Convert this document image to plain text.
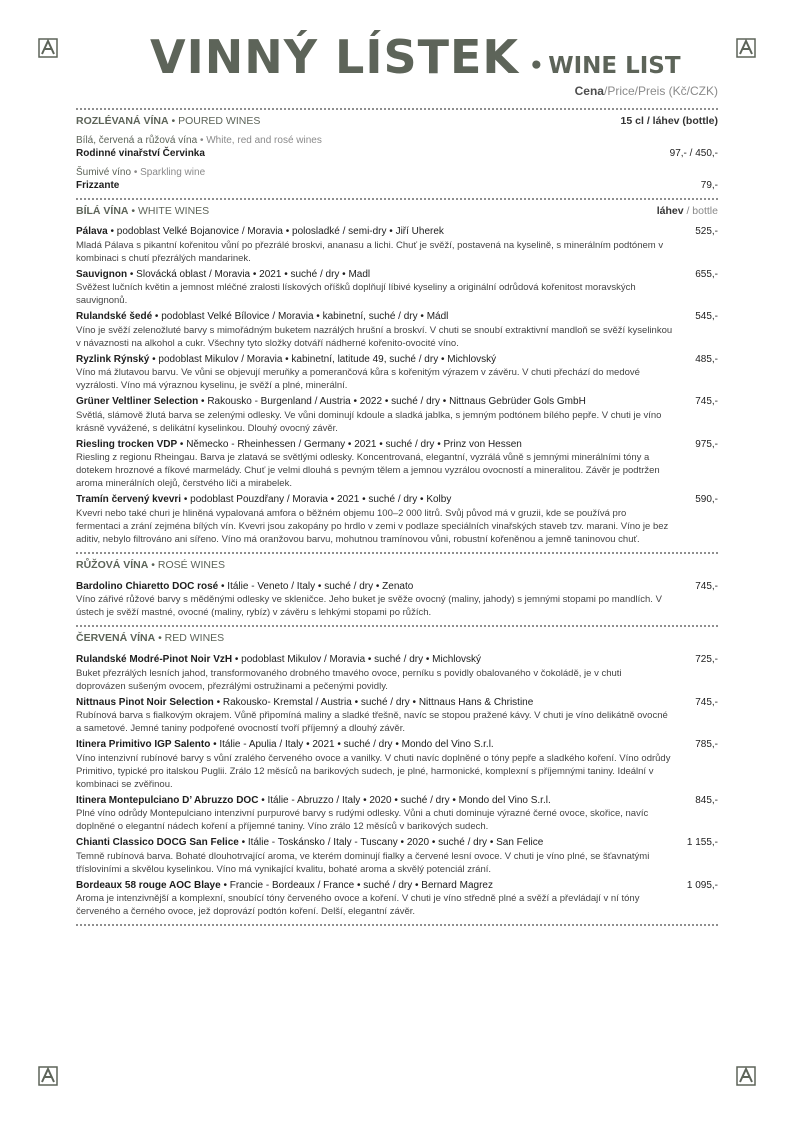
VINNÝ LÍSTEK • WINE LIST
Cena/Price/Preis (Kč/CZK)
ROZLÉVANÁ VÍNA • POURED WINES	15 cl / láhev (bottle)
Bílá, červená a růžová vína • White, red and rosé wines
Rodinné vinařství Červinka	97,- / 450,-
Šumivé víno • Sparkling wine
Frizzante	79,-
BÍLÁ VÍNA • WHITE WINES	láhev / bottle
Pálava • podoblast Velké Bojanovice / Moravia • polosladké / semi-dry • Jiří Uherek	525,-
Mladá Pálava s pikantní kořenitou vůní po přezrálé broskvi, ananasu a lichi. Chuť je svěží, postavená na kyselině, s minerálním podtónem v kombinaci s chutí přezrálých mandarinek.
Sauvignon • Slovácká oblast / Moravia • 2021 • suché / dry • Madl	655,-
Svěžest lučních květin a jemnost mléčné zralosti lískových oříšků doplňují líbivé kyseliny a originální odrůdová kořenitost moravských sauvignonů.
Rulandské šedé • podoblast Velké Bílovice / Moravia • kabinetní, suché / dry • Mádl	545,-
Víno je svěží zelenožluté barvy s mimořádným buketem nazrálých hrušní a broskví. V chuti se snoubí extraktivní mandloň se svěží kyselinkou v návaznosti na alkohol a cukr. Všechny tyto složky dotváří nádherné kořenito-ovocité víno.
Ryzlink Rýnský • podoblast Mikulov / Moravia • kabinetní, latitude 49, suché / dry • Michlovský	485,-
Víno má žlutavou barvu. Ve vůni se objevují meruňky a pomerančová kůra s kořenitým výrazem v závěru. V chuti přechází do medové vyzrálosti. Víno má výraznou kyselinu, je svěží a plné, minerální.
Grüner Veltliner Selection • Rakousko - Burgenland / Austria • 2022 • suché / dry • Nittnaus Gebrüder Gols GmbH	745,-
Světlá, slámově žlutá barva se zelenými odlesky. Ve vůni dominují kdoule a sladká jablka, s jemným podtónem bílého pepře. V chuti je víno krásně vyvážené, s delikátní kyselinkou. Dlouhý ovocný závěr.
Riesling trocken VDP • Německo - Rheinhessen / Germany • 2021 • suché / dry • Prinz von Hessen	975,-
Riesling z regionu Rheingau. Barva je zlatavá se světlými odlesky. Koncentrovaná, elegantní, vyzrálá vůně s jemnými minerálními tóny a dotekem hroznové a fíkové marmelády. Chuť je velmi dlouhá s pevným tělem a jemnou vyzrálou ovocností a mineralitou. Závěr je podtržen aroma minerálních olejů, čerstvého liči a mirabelek.
Tramín červený kvevri • podoblast Pouzdřany / Moravia • 2021 • suché / dry • Kolby	590,-
Kvevri nebo také churi je hliněná vypalovaná amfora o běžném objemu 100–2 000 litrů. Svůj původ má v gruzii, kde se používá pro fermentaci a zrání zejména bílých vín. Kvevri jsou zakopány po hrdlo v zemi v podlaze speciálních vinařských staveb tzv. marani. Víno je bez aditiv, nebylo filtrováno ani sířeno. Víno má oranžovou barvu, mohutnou tramínovou vůni, robustní kořeněnou a jemně taninovou chuť.
RŮŽOVÁ VÍNA • ROSÉ WINES
Bardolino Chiaretto DOC rosé • Itálie - Veneto / Italy • suché / dry • Zenato	745,-
Víno zářivé růžové barvy s měděnými odlesky ve skleničce. Jeho buket je svěže ovocný (maliny, jahody) s jemnými stopami po mandlích. V ústech je svěží mastné, ovocné (maliny, rybíz) v závěru s lehkými stopami po růžích.
ČERVENÁ VÍNA • RED WINES
Rulandské Modré-Pinot Noir VzH • podoblast Mikulov / Moravia • suché / dry • Michlovský	725,-
Buket přezrálých lesních jahod, transformovaného drobného tmavého ovoce, perníku s povidly obalovaného v čokoládě, je v chuti doprovázen sušeným ovocem, přezrálými ostružinami a pečenými povidly.
Nittnaus Pinot Noir Selection • Rakousko- Kremstal / Austria • suché / dry • Nittnaus Hans & Christine	745,-
Rubínová barva s fialkovým okrajem. Vůně připomíná maliny a sladké třešně, navíc se stopou pražené kávy. V chuti je víno delikátně ovocné a sametové. Jemné taniny podpořené ovocností tvoří příjemný a dlouhý závěr.
Itinera Primitivo IGP Salento • Itálie - Apulia / Italy • 2021 • suché / dry • Mondo del Vino S.r.l.	785,-
Víno intenzivní rubínové barvy s vůní zralého červeného ovoce a vanilky. V chuti navíc doplněné o tóny pepře a sladkého koření. Víno odrůdy Primitivo, typické pro italskou Puglii. Zrálo 12 měsíců na barikových sudech, je plné, harmonické, komplexní s příjemnými taniny. Ideální v kombinaci se zvěřinou.
Itinera Montepulciano D’ Abruzzo DOC • Itálie - Abruzzo / Italy • 2020 • suché / dry • Mondo del Vino S.r.l.	845,-
Plné víno odrůdy Montepulciano intenzivní purpurové barvy s rudými odlesky. Vůni a chuti dominuje výrazné černé ovoce, skořice, navíc doplněné o elegantní nádech koření a příjemné taniny. Víno zrálo 12 měsíců v barikových sudech.
Chianti Classico DOCG San Felice • Itálie - Toskánsko / Italy - Tuscany • 2020 • suché / dry • San Felice	1 155,-
Temně rubínová barva. Bohaté dlouhotrvající aroma, ve kterém dominují fialky a červené lesní ovoce. V chuti je víno plné, se šťavnatými třísloviními a skvělou kyselinkou. Víno má vynikající kvalitu, bohaté aroma a skvělý potenciál zrání.
Bordeaux 58 rouge AOC Blaye • Francie - Bordeaux / France • suché / dry • Bernard Magrez	1 095,-
Aroma je intenzivnější a komplexní, snoubící tóny červeného ovoce a koření. V chuti je víno středně plné a svěží a převládají v ní tóny červeného a černého ovoce, jež doprovází podtón koření. Delší, elegantní závěr.
